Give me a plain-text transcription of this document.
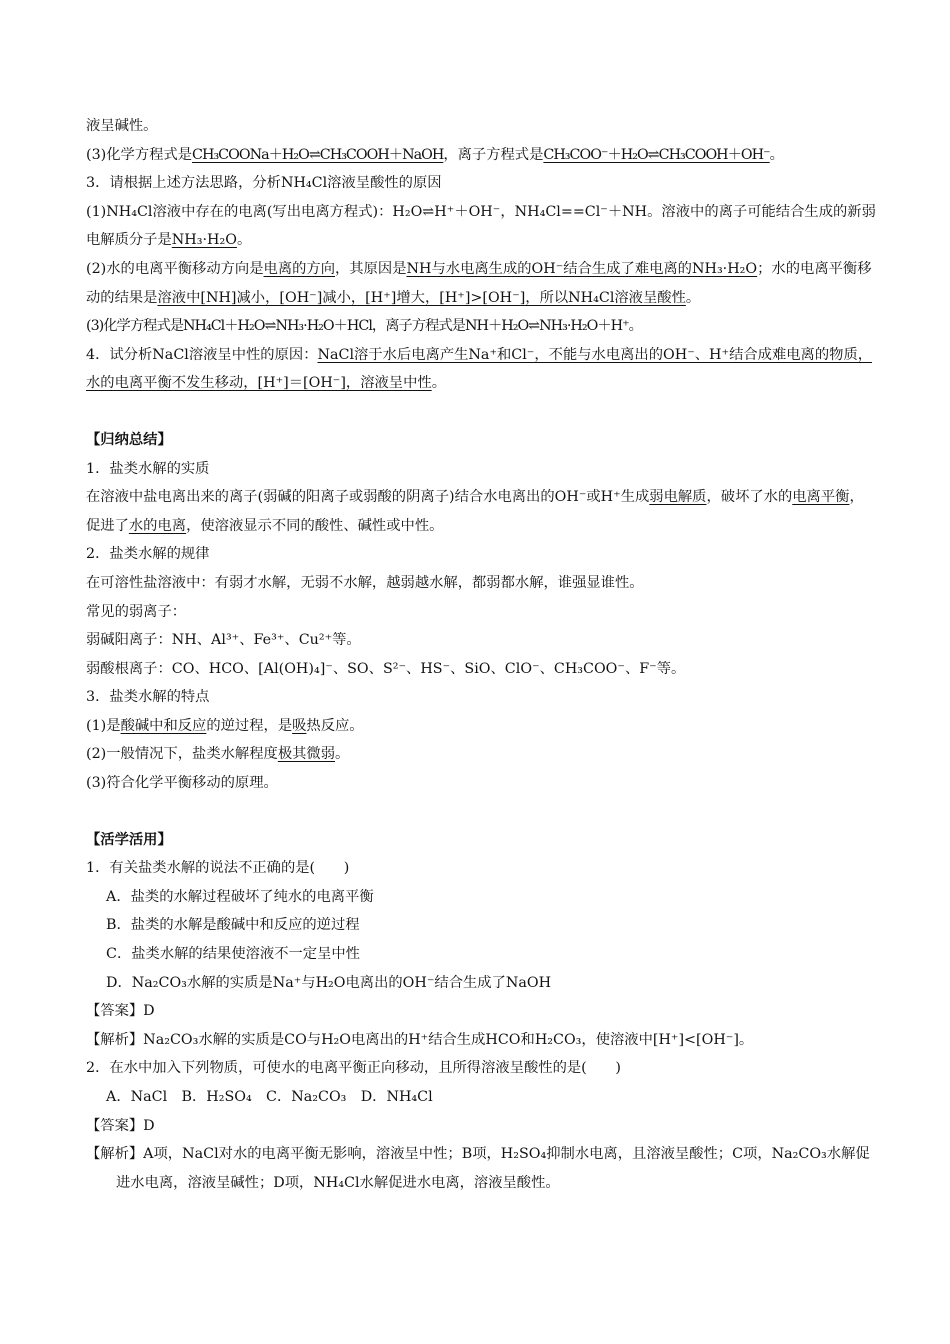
液呈碱性。

(3)化学方程式是CH₃COONa＋H₂O⇌CH₃COOH＋NaOH，离子方程式是CH₃COO⁻＋H₂O⇌CH₃COOH＋OH⁻。

3．请根据上述方法思路，分析NH₄Cl溶液呈酸性的原因

(1)NH₄Cl溶液中存在的电离(写出电离方程式)：H₂O⇌H⁺＋OH⁻，NH₄Cl==Cl⁻＋NH。溶液中的离子可能结合生成的新弱电解质分子是NH₃·H₂O。

(2)水的电离平衡移动方向是电离的方向，其原因是NH与水电离生成的OH⁻结合生成了难电离的NH₃·H₂O；水的电离平衡移动的结果是溶液中[NH]减小，[OH⁻]减小，[H⁺]增大，[H⁺]>[OH⁻]，所以NH₄Cl溶液呈酸性。

(3)化学方程式是NH₄Cl＋H₂O⇌NH₃·H₂O＋HCl，离子方程式是NH＋H₂O⇌NH₃·H₂O＋H⁺。

4．试分析NaCl溶液呈中性的原因：NaCl溶于水后电离产生Na⁺和Cl⁻，不能与水电离出的OH⁻、H⁺结合成难电离的物质，水的电离平衡不发生移动，[H⁺]＝[OH⁻]，溶液呈中性。

【归纳总结】

1．盐类水解的实质

在溶液中盐电离出来的离子(弱碱的阳离子或弱酸的阴离子)结合水电离出的OH⁻或H⁺生成弱电解质，破坏了水的电离平衡，促进了水的电离，使溶液显示不同的酸性、碱性或中性。

2．盐类水解的规律

在可溶性盐溶液中：有弱才水解，无弱不水解，越弱越水解，都弱都水解，谁强显谁性。

常见的弱离子：

弱碱阳离子：NH、Al³⁺、Fe³⁺、Cu²⁺等。

弱酸根离子：CO、HCO、[Al(OH)₄]⁻、SO、S²⁻、HS⁻、SiO、ClO⁻、CH₃COO⁻、F⁻等。

3．盐类水解的特点

(1)是酸碱中和反应的逆过程，是吸热反应。

(2)一般情况下，盐类水解程度极其微弱。

(3)符合化学平衡移动的原理。

【活学活用】

1．有关盐类水解的说法不正确的是(　　)

A．盐类的水解过程破坏了纯水的电离平衡

B．盐类的水解是酸碱中和反应的逆过程

C．盐类水解的结果使溶液不一定呈中性

D．Na₂CO₃水解的实质是Na⁺与H₂O电离出的OH⁻结合生成了NaOH

【答案】D

【解析】Na₂CO₃水解的实质是CO与H₂O电离出的H⁺结合生成HCO和H₂CO₃，使溶液中[H⁺]<[OH⁻]。

2．在水中加入下列物质，可使水的电离平衡正向移动，且所得溶液呈酸性的是(　　)

A．NaCl　B．H₂SO₄　C．Na₂CO₃　D．NH₄Cl

【答案】D

【解析】A项，NaCl对水的电离平衡无影响，溶液呈中性；B项，H₂SO₄抑制水电离，且溶液呈酸性；C项，Na₂CO₃水解促进水电离，溶液呈碱性；D项，NH₄Cl水解促进水电离，溶液呈酸性。
